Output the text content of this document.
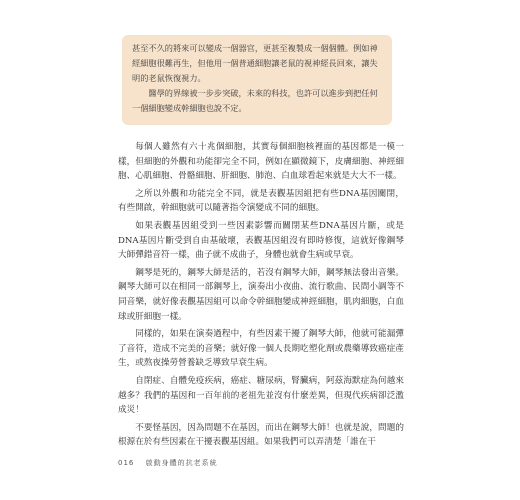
甚至不久的將來可以變成一個器官，更甚至複製成一個個體。例如神經細胞很難再生，但他用一個普通細胞讓老鼠的視神經長回來，讓失明的老鼠恢復視力。

醫學的界線被一步步突破，未來的科技，也許可以進步到把任何一個細胞變成幹細胞也說不定。

每個人雖然有六十兆個細胞，其實每個細胞核裡面的基因都是一模一樣，但細胞的外觀和功能卻完全不同，例如在顯微鏡下，皮膚細胞、神經細胞、心肌細胞、骨骼細胞、肝細胞、肺泡、白血球看起來就是大大不一樣。

之所以外觀和功能完全不同，就是表觀基因組把有些DNA基因關閉，有些開啟，幹細胞就可以隨著指令演變成不同的細胞。

如果表觀基因組受到一些因素影響而關閉某些DNA基因片斷，或是DNA基因片斷受到自由基破壞，表觀基因組沒有即時修復，這就好像鋼琴大師彈錯音符一樣，曲子就不成曲子，身體也就會生病或早衰。

鋼琴是死的，鋼琴大師是活的，若沒有鋼琴大師，鋼琴無法發出音樂。鋼琴大師可以在相同一部鋼琴上，演奏出小夜曲、流行歌曲、民間小調等不同音樂，就好像表觀基因組可以命令幹細胞變成神經細胞，肌肉細胞，白血球或肝細胞一樣。

同樣的，如果在演奏過程中，有些因素干擾了鋼琴大師，他就可能漏彈了音符，造成不完美的音樂；就好像一個人長期吃塑化劑或農藥導致癌症產生，或熬夜操勞營養缺乏導致早衰生病。

自閉症、自體免疫疾病，癌症、糖尿病，腎臟病，阿茲海默症為何越來越多？我們的基因和一百年前的老祖先並沒有什麼差異，但現代疾病卻泛濫成災！

不要怪基因，因為問題不在基因，而出在鋼琴大師！也就是說，問題的根源在於有些因素在干擾表觀基因組。如果我們可以弄清楚「誰在干

016 啟動身體的抗老系統
